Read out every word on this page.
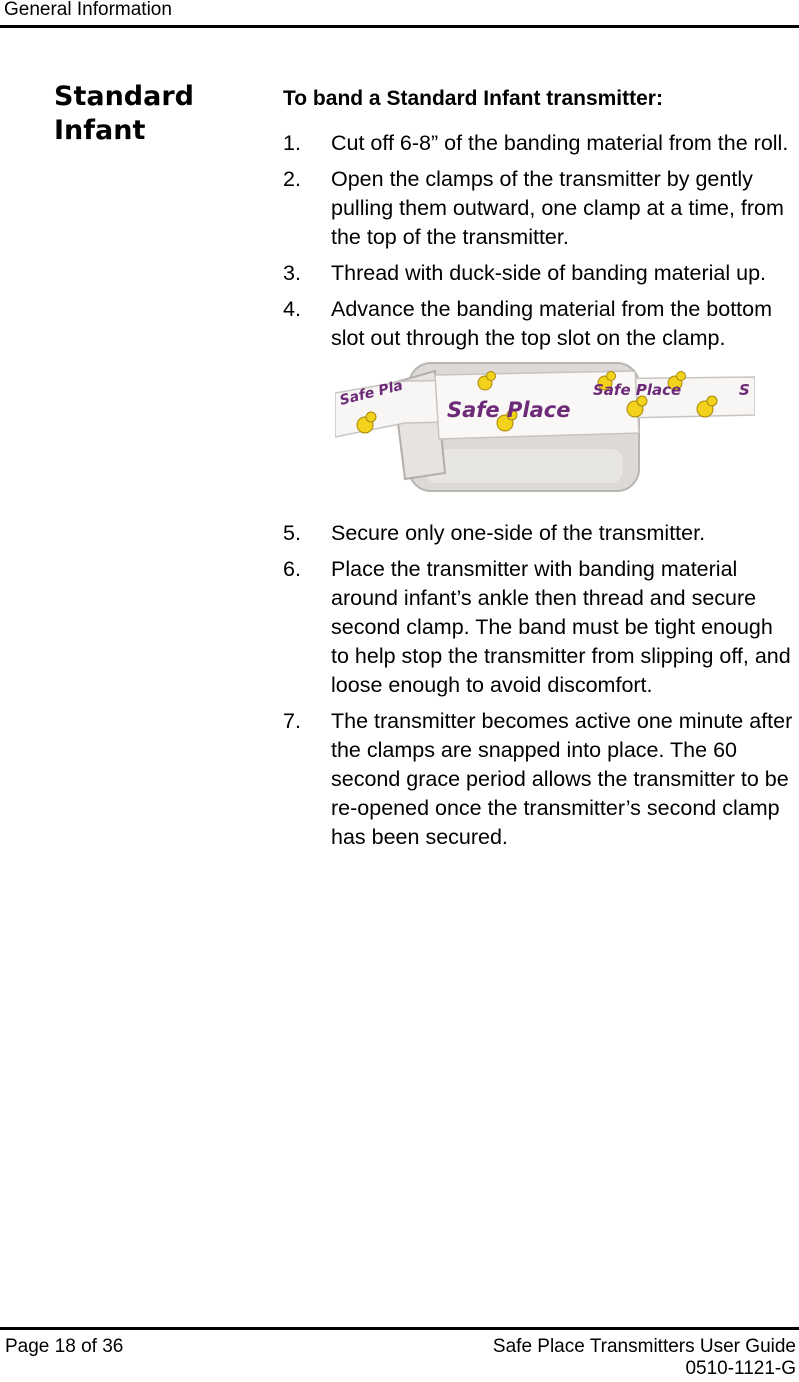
General Information
Standard
Infant
To band a Standard Infant transmitter:
1. Cut off 6-8” of the banding material from the roll.
2. Open the clamps of the transmitter by gently pulling them outward, one clamp at a time, from the top of the transmitter.
3. Thread with duck-side of banding material up.
4. Advance the banding material from the bottom slot out through the top slot on the clamp.
Safe Place
Safe Place
Safe Pla	S
5. Secure only one-side of the transmitter.
6. Place the transmitter with banding material around infant’s ankle then thread and secure second clamp. The band must be tight enough to help stop the transmitter from slipping off, and loose enough to avoid discomfort.
7. The transmitter becomes active one minute after the clamps are snapped into place. The 60 second grace period allows the transmitter to be re-opened once the transmitter’s second clamp has been secured.
Page 18 of 36	Safe Place Transmitters User Guide
0510-1121-G
